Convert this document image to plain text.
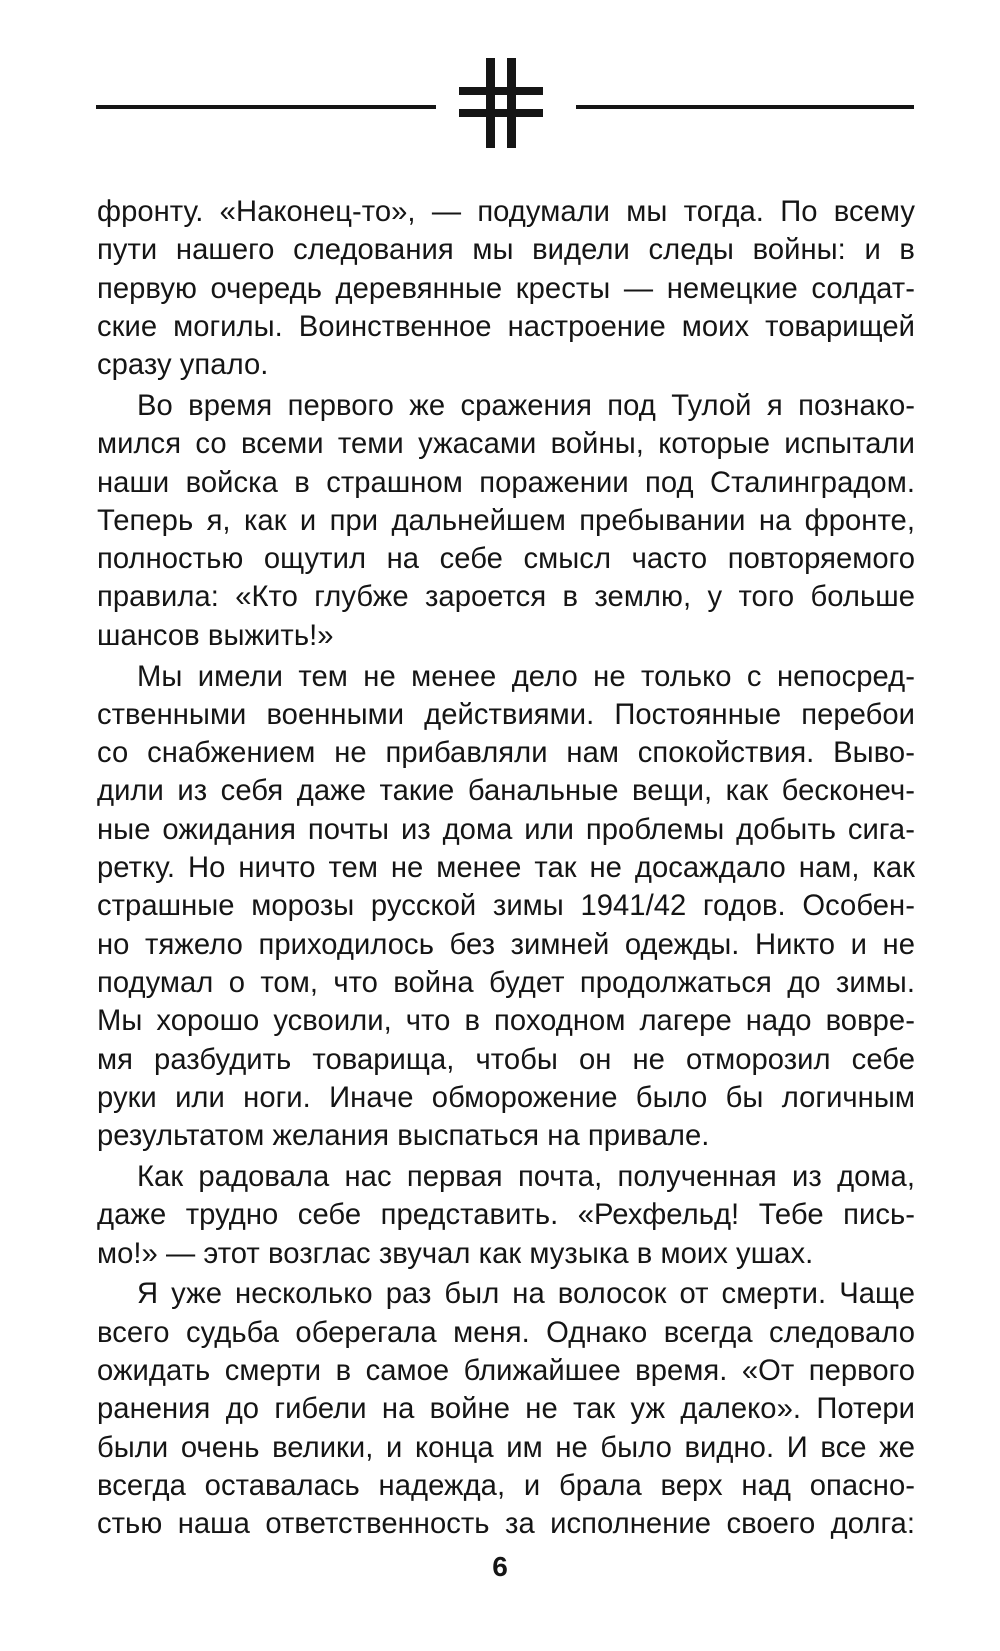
фронту. «Наконец-то», — подумали мы тогда. По всему
пути нашего следования мы видели следы войны: и в
первую очередь деревянные кресты — немецкие солдат-
ские могилы. Воинственное настроение моих товарищей
сразу упало.
Во время первого же сражения под Тулой я познако-
мился со всеми теми ужасами войны, которые испытали
наши войска в страшном поражении под Сталинградом.
Теперь я, как и при дальнейшем пребывании на фронте,
полностью ощутил на себе смысл часто повторяемого
правила: «Кто глубже зароется в землю, у того больше
шансов выжить!»
Мы имели тем не менее дело не только с непосред-
ственными военными действиями. Постоянные перебои
со снабжением не прибавляли нам спокойствия. Выво-
дили из себя даже такие банальные вещи, как бесконеч-
ные ожидания почты из дома или проблемы добыть сига-
ретку. Но ничто тем не менее так не досаждало нам, как
страшные морозы русской зимы 1941/42 годов. Особен-
но тяжело приходилось без зимней одежды. Никто и не
подумал о том, что война будет продолжаться до зимы.
Мы хорошо усвоили, что в походном лагере надо вовре-
мя разбудить товарища, чтобы он не отморозил себе
руки или ноги. Иначе обморожение было бы логичным
результатом желания выспаться на привале.
Как радовала нас первая почта, полученная из дома,
даже трудно себе представить. «Рехфельд! Тебе пись-
мо!» — этот возглас звучал как музыка в моих ушах.
Я уже несколько раз был на волосок от смерти. Чаще
всего судьба оберегала меня. Однако всегда следовало
ожидать смерти в самое ближайшее время. «От первого
ранения до гибели на войне не так уж далеко». Потери
были очень велики, и конца им не было видно. И все же
всегда оставалась надежда, и брала верх над опасно-
стью наша ответственность за исполнение своего долга:
6
